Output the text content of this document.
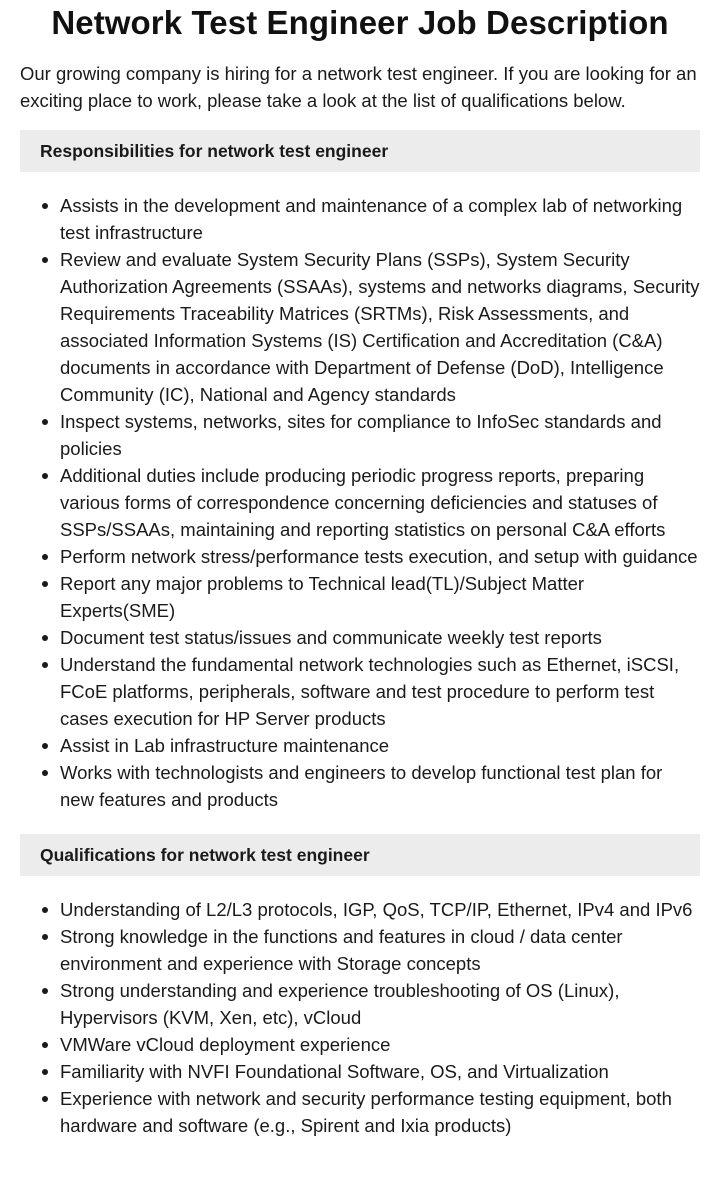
Network Test Engineer Job Description

Our growing company is hiring for a network test engineer. If you are looking for an exciting place to work, please take a look at the list of qualifications below.

Responsibilities for network test engineer
Assists in the development and maintenance of a complex lab of networking test infrastructure
Review and evaluate System Security Plans (SSPs), System Security Authorization Agreements (SSAAs), systems and networks diagrams, Security Requirements Traceability Matrices (SRTMs), Risk Assessments, and associated Information Systems (IS) Certification and Accreditation (C&A) documents in accordance with Department of Defense (DoD), Intelligence Community (IC), National and Agency standards
Inspect systems, networks, sites for compliance to InfoSec standards and policies
Additional duties include producing periodic progress reports, preparing various forms of correspondence concerning deficiencies and statuses of SSPs/SSAAs, maintaining and reporting statistics on personal C&A efforts
Perform network stress/performance tests execution, and setup with guidance
Report any major problems to Technical lead(TL)/Subject Matter Experts(SME)
Document test status/issues and communicate weekly test reports
Understand the fundamental network technologies such as Ethernet, iSCSI, FCoE platforms, peripherals, software and test procedure to perform test cases execution for HP Server products
Assist in Lab infrastructure maintenance
Works with technologists and engineers to develop functional test plan for new features and products
Qualifications for network test engineer
Understanding of L2/L3 protocols, IGP, QoS, TCP/IP, Ethernet, IPv4 and IPv6
Strong knowledge in the functions and features in cloud / data center environment and experience with Storage concepts
Strong understanding and experience troubleshooting of OS (Linux), Hypervisors (KVM, Xen, etc), vCloud
VMWare vCloud deployment experience
Familiarity with NVFI Foundational Software, OS, and Virtualization
Experience with network and security performance testing equipment, both hardware and software (e.g., Spirent and Ixia products)
